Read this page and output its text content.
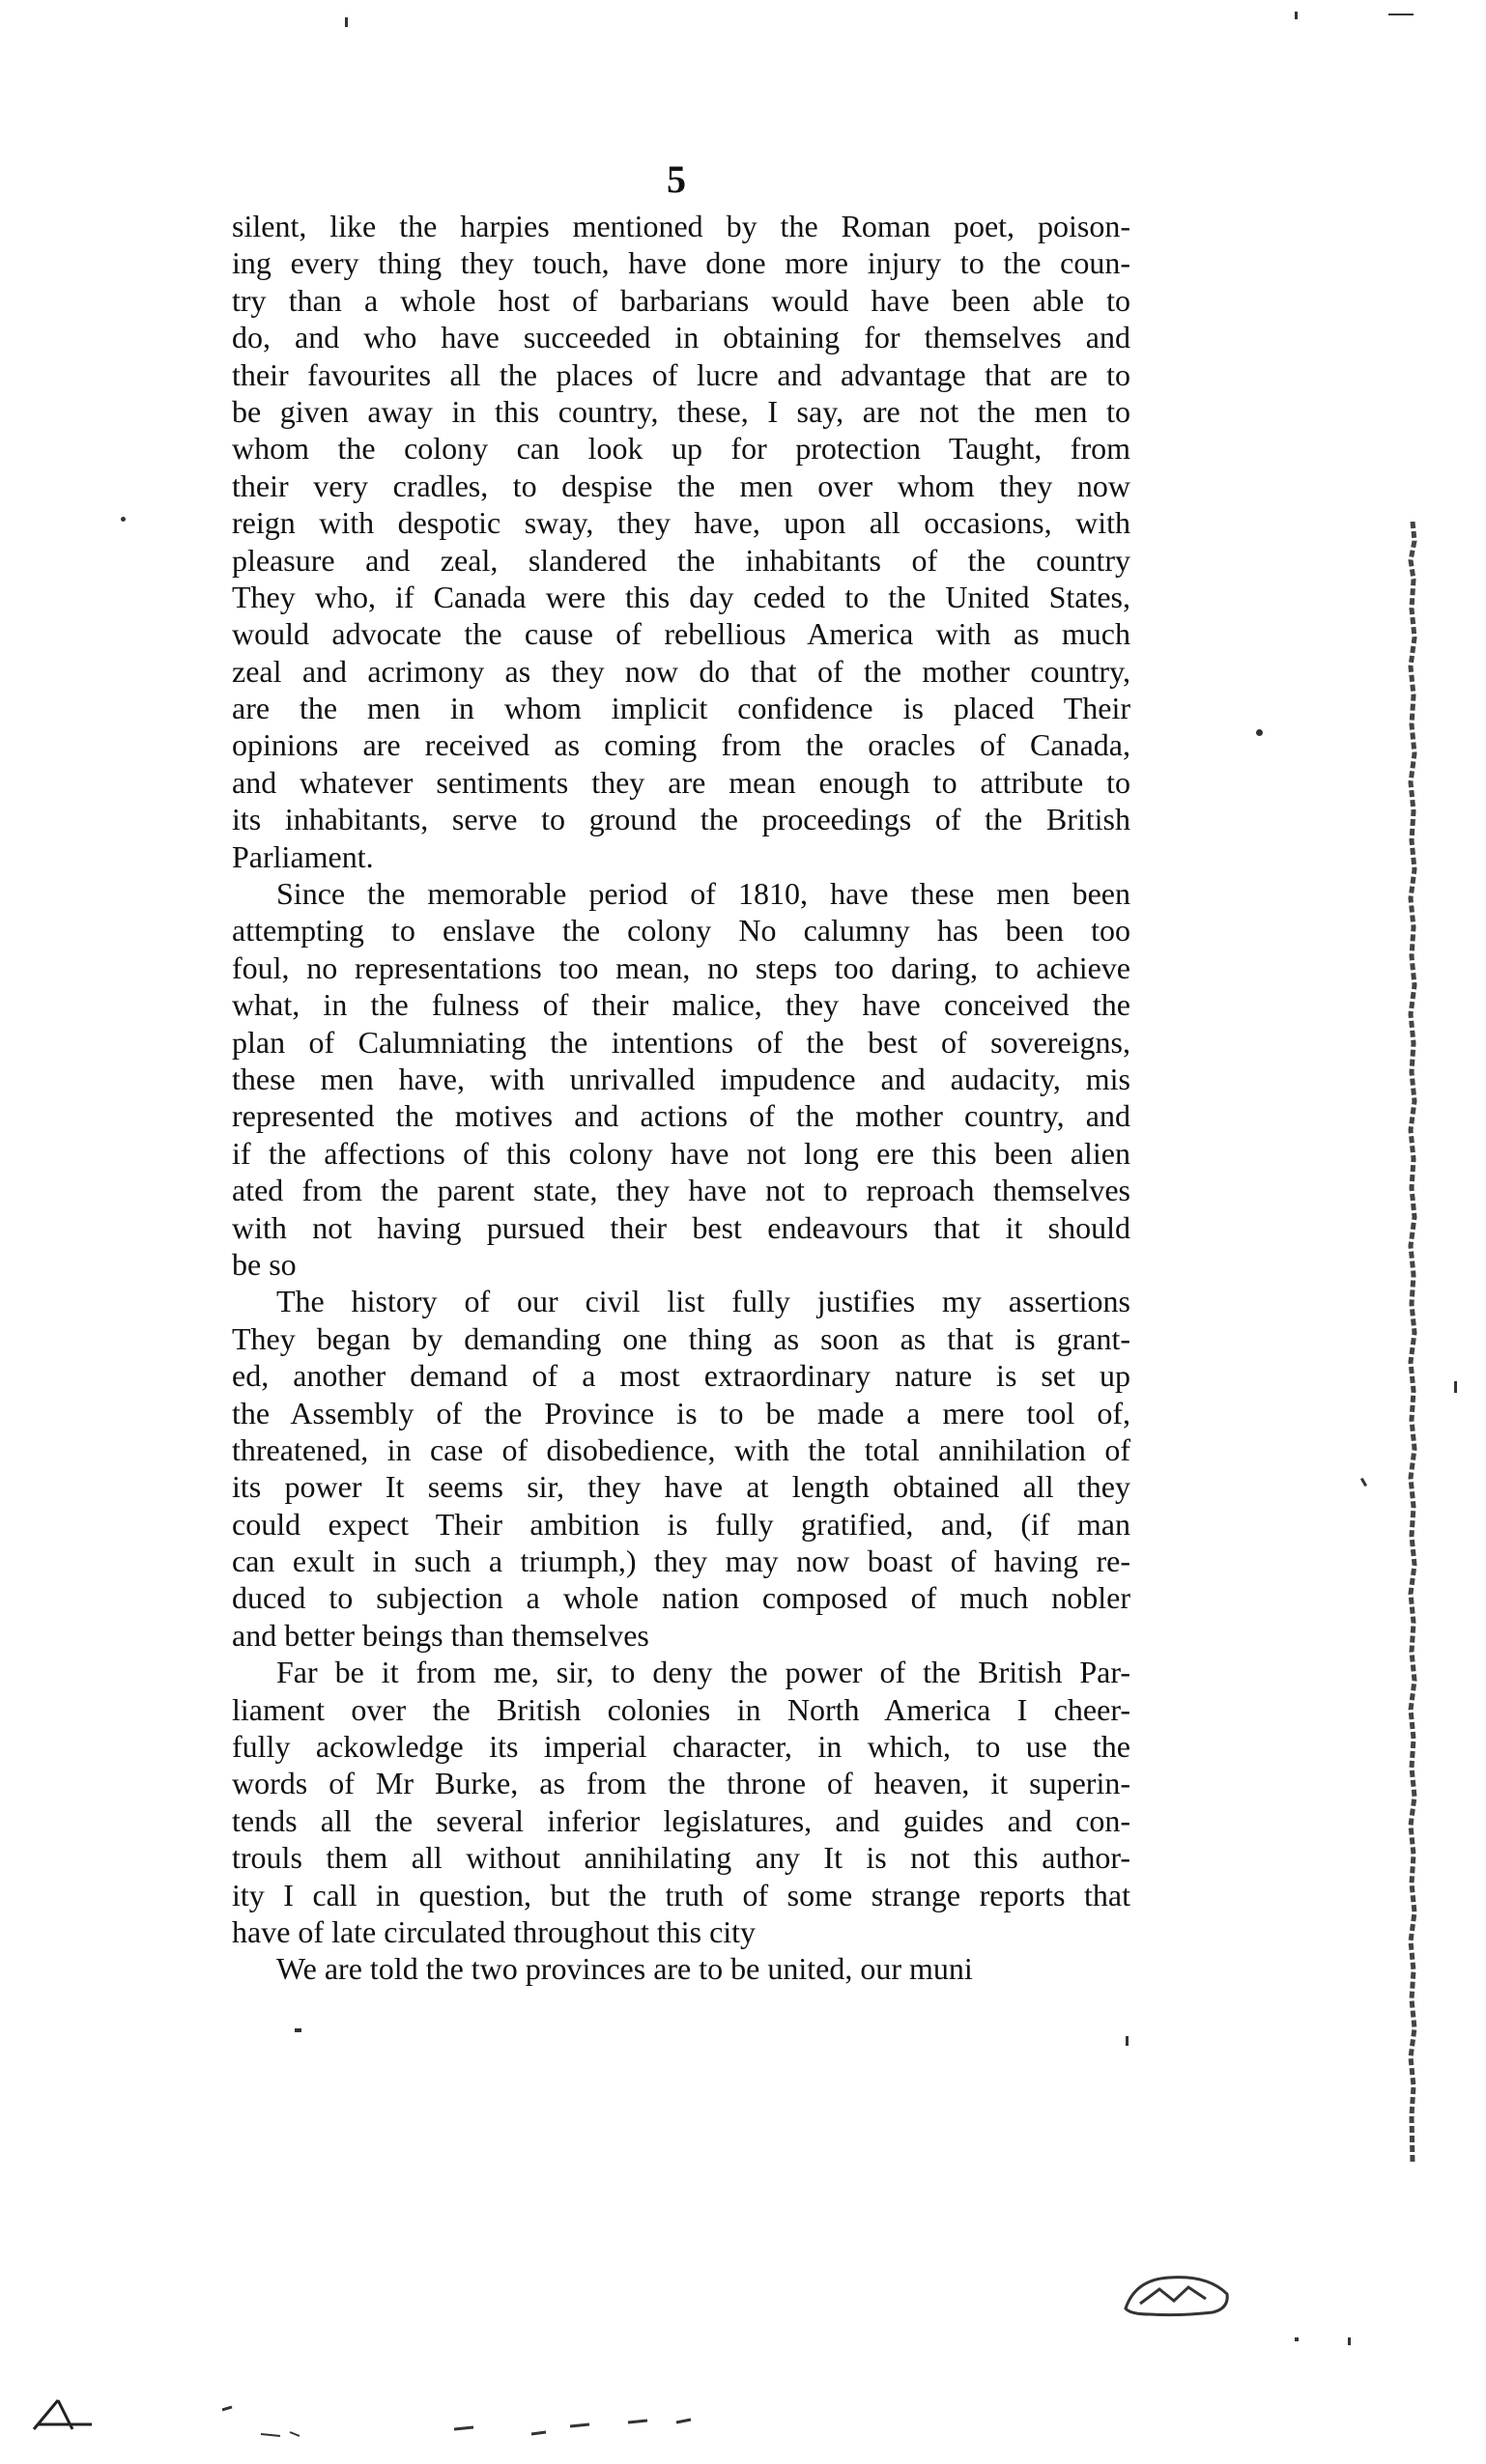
5

silent, like the harpies mentioned by the Roman poet, poison-
ing every thing they touch, have done more injury to the coun-
try than a whole host of barbarians would have been able to
do, and who have succeeded in obtaining for themselves and
their favourites all the places of lucre and advantage that are to
be given away in this country, these, I say, are not the men to
whom the colony can look up for protection Taught, from
their very cradles, to despise the men over whom they now
reign with despotic sway, they have, upon all occasions, with
pleasure and zeal, slandered the inhabitants of the country
They who, if Canada were this day ceded to the United States,
would advocate the cause of rebellious America with as much
zeal and acrimony as they now do that of the mother country,
are the men in whom implicit confidence is placed Their
opinions are received as coming from the oracles of Canada,
and whatever sentiments they are mean enough to attribute to
its inhabitants, serve to ground the proceedings of the British
Parliament.

Since the memorable period of 1810, have these men been
attempting to enslave the colony No calumny has been too
foul, no representations too mean, no steps too daring, to achieve
what, in the fulness of their malice, they have conceived the
plan of Calumniating the intentions of the best of sovereigns,
these men have, with unrivalled impudence and audacity, mis
represented the motives and actions of the mother country, and
if the affections of this colony have not long ere this been alien
ated from the parent state, they have not to reproach themselves
with not having pursued their best endeavours that it should
be so

The history of our civil list fully justifies my assertions
They began by demanding one thing as soon as that is grant-
ed, another demand of a most extraordinary nature is set up
the Assembly of the Province is to be made a mere tool of,
threatened, in case of disobedience, with the total annihilation of
its power It seems sir, they have at length obtained all they
could expect Their ambition is fully gratified, and, (if man
can exult in such a triumph,) they may now boast of having re-
duced to subjection a whole nation composed of much nobler
and better beings than themselves

Far be it from me, sir, to deny the power of the British Par-
liament over the British colonies in North America I cheer-
fully ackowledge its imperial character, in which, to use the
words of Mr Burke, as from the throne of heaven, it superin-
tends all the several inferior legislatures, and guides and con-
trouls them all without annihilating any It is not this author-
ity I call in question, but the truth of some strange reports that
have of late circulated throughout this city

We are told the two provinces are to be united, our muni
